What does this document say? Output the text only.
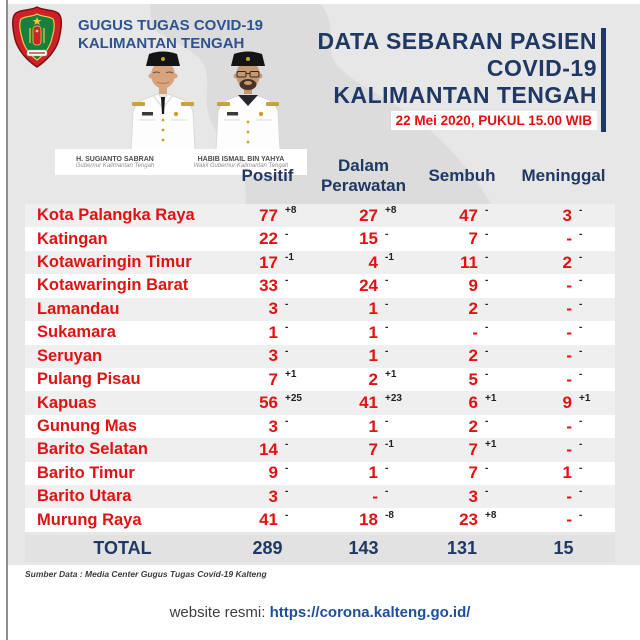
GUGUS TUGAS COVID-19
KALIMANTAN TENGAH
H. SUGIANTO SABRAN
Gubernur Kalimantan Tengah
HABIB ISMAIL BIN YAHYA
Wakil Gubernur Kalimantan Tengah
DATA SEBARAN PASIEN COVID-19
KALIMANTAN TENGAH
22 Mei 2020, PUKUL 15.00 WIB
Positif
Dalam Perawatan
Sembuh	Meninggal
Kota Palangka Raya	77 +8	27 +8	47 -	3 -
Katingan	22 -	15 -	7 -	- -
Kotawaringin Timur	17 -1	4 -1	11 -	2 -
Kotawaringin Barat	33 -	24 -	9 -	- -
Lamandau	3 -	1 -	2 -	- -
Sukamara	1 -	1 -	- -	- -
Seruyan	3 -	1 -	2 -	- -
Pulang Pisau	7 +1	2 +1	5 -	- -
Kapuas	56 +25	41 +23	6 +1	9 +1
Gunung Mas	3 -	1 -	2 -	- -
Barito Selatan	14 -	7 -1	7 +1	- -
Barito Timur	9 -	1 -	7 -	1 -
Barito Utara	3 -	- -	3 -	- -
Murung Raya	41 -	18 -8	23 +8	- -
TOTAL	289	143	131	15
Sumber Data : Media Center Gugus Tugas Covid-19 Kalteng
website resmi: https://corona.kalteng.go.id/
